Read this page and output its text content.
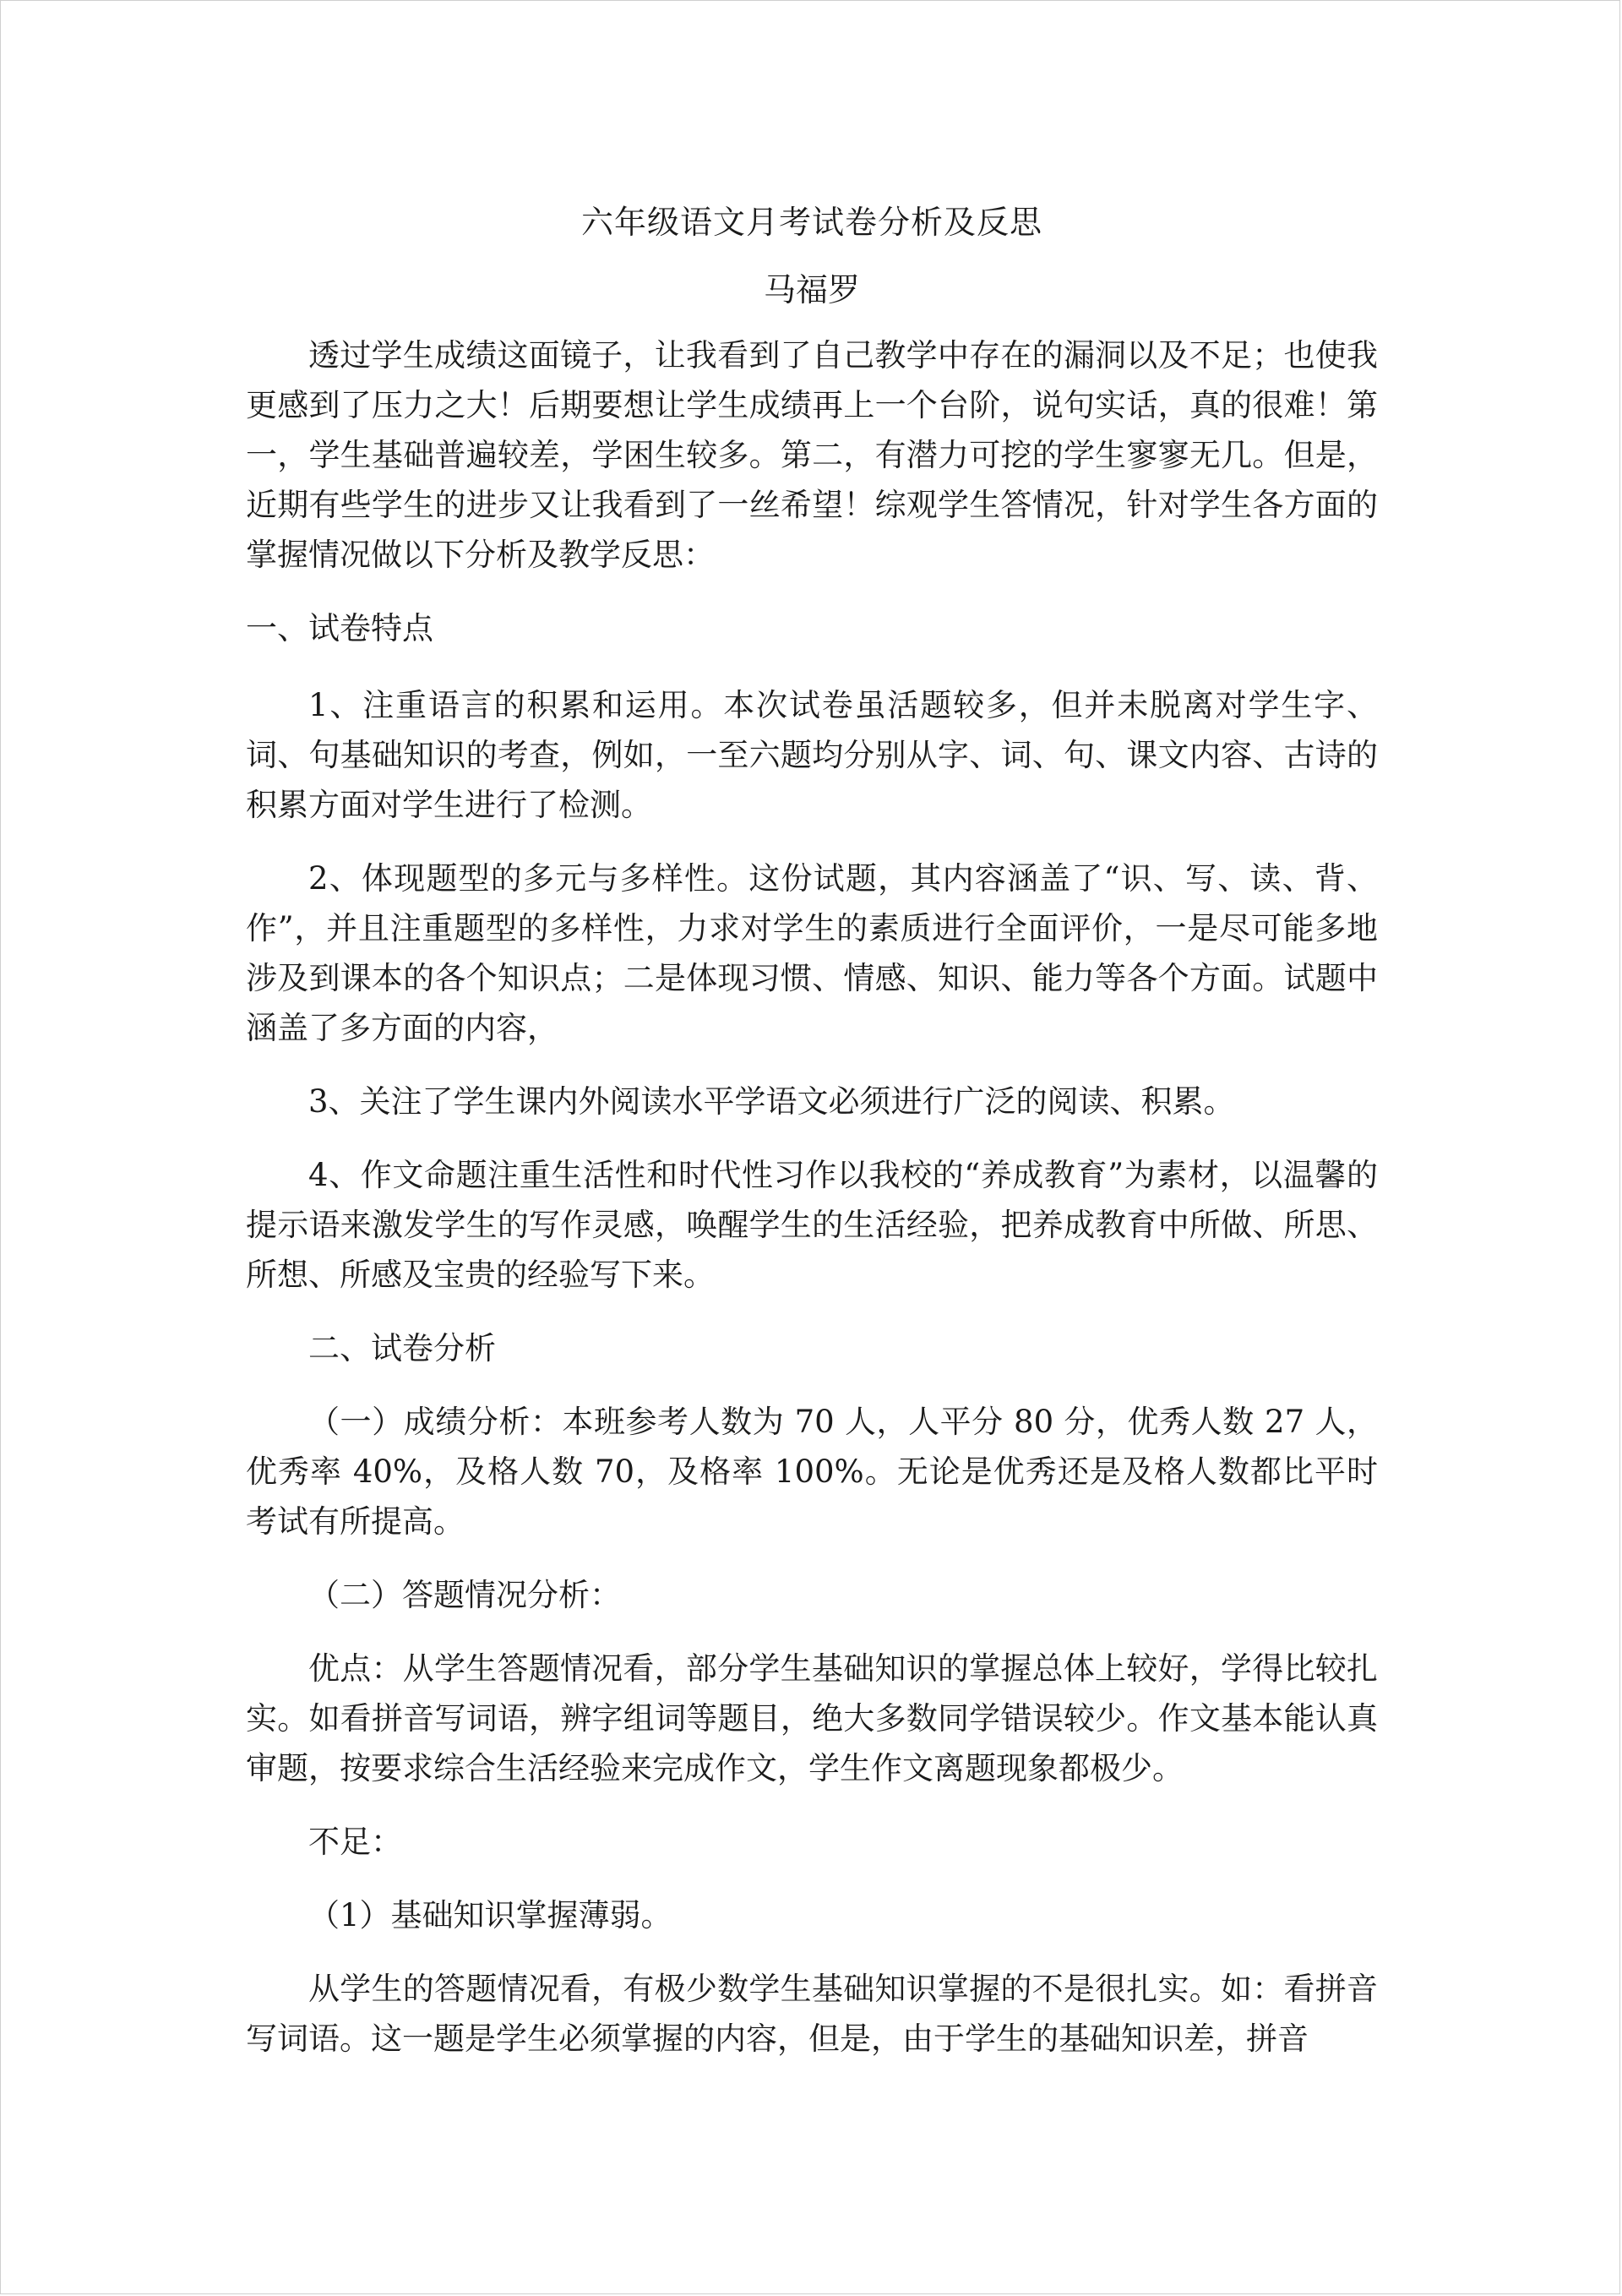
六年级语文月考试卷分析及反思
马福罗

透过学生成绩这面镜子，让我看到了自己教学中存在的漏洞以及不足；也使我更感到了压力之大！后期要想让学生成绩再上一个台阶，说句实话，真的很难！第一，学生基础普遍较差，学困生较多。第二，有潜力可挖的学生寥寥无几。但是，近期有些学生的进步又让我看到了一丝希望！综观学生答情况，针对学生各方面的掌握情况做以下分析及教学反思：

一、试卷特点

1、注重语言的积累和运用。本次试卷虽活题较多，但并未脱离对学生字、词、句基础知识的考查，例如，一至六题均分别从字、词、句、课文内容、古诗的积累方面对学生进行了检测。

2、体现题型的多元与多样性。这份试题，其内容涵盖了“识、写、读、背、作”，并且注重题型的多样性，力求对学生的素质进行全面评价，一是尽可能多地涉及到课本的各个知识点；二是体现习惯、情感、知识、能力等各个方面。试题中涵盖了多方面的内容，

3、关注了学生课内外阅读水平学语文必须进行广泛的阅读、积累。

4、作文命题注重生活性和时代性习作以我校的“养成教育”为素材，以温馨的提示语来激发学生的写作灵感，唤醒学生的生活经验，把养成教育中所做、所思、所想、所感及宝贵的经验写下来。

二、试卷分析

（一）成绩分析：本班参考人数为 70 人，人平分 80 分，优秀人数 27 人，优秀率 40%，及格人数 70，及格率 100%。无论是优秀还是及格人数都比平时考试有所提高。

（二）答题情况分析：

优点：从学生答题情况看，部分学生基础知识的掌握总体上较好，学得比较扎实。如看拼音写词语，辨字组词等题目，绝大多数同学错误较少。作文基本能认真审题，按要求综合生活经验来完成作文，学生作文离题现象都极少。

不足：

（1）基础知识掌握薄弱。

从学生的答题情况看，有极少数学生基础知识掌握的不是很扎实。如：看拼音写词语。这一题是学生必须掌握的内容，但是，由于学生的基础知识差，拼音
